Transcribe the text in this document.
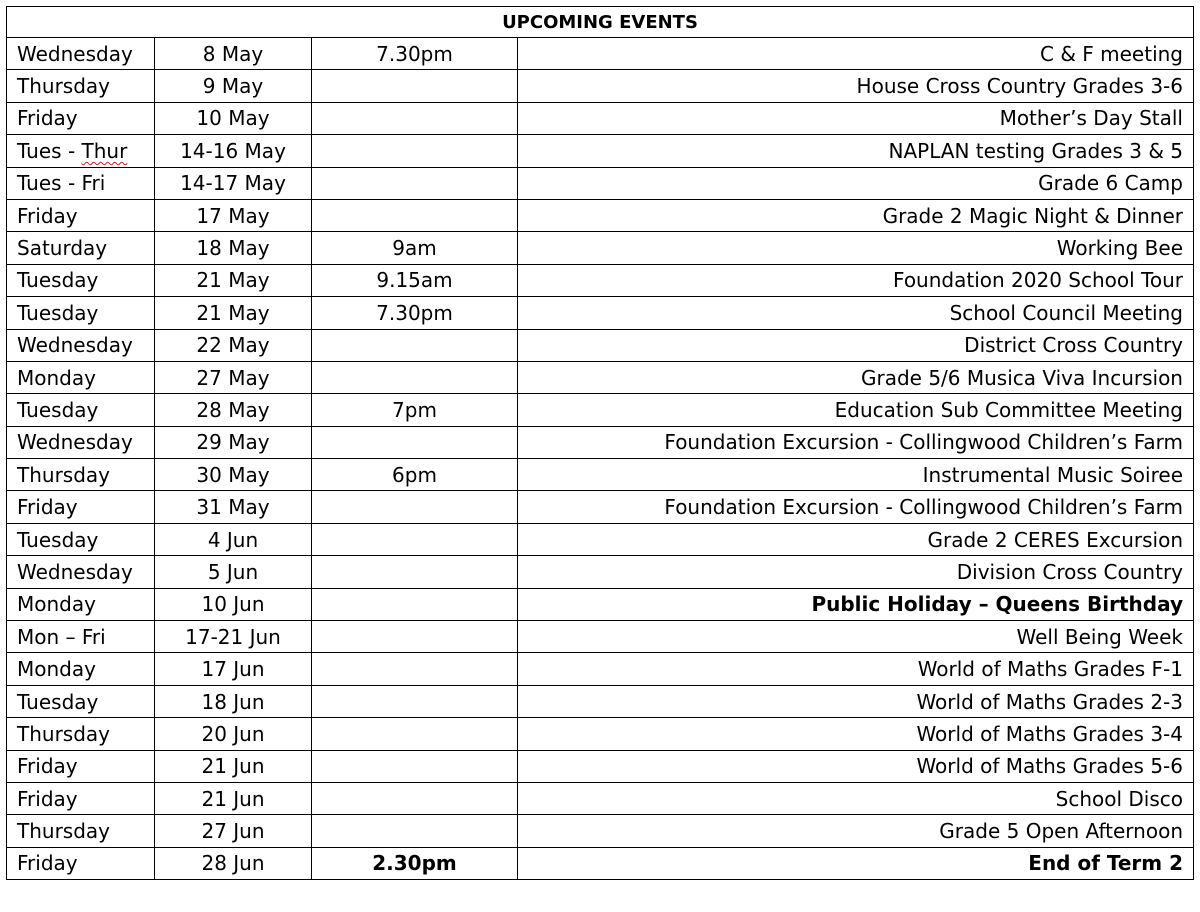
UPCOMING EVENTS			
Wednesday	8 May	7.30pm	C & F meeting
Thursday	9 May		House Cross Country Grades 3-6
Friday	10 May		Mother’s Day Stall
Tues - Thur	14-16 May		NAPLAN testing Grades 3 & 5
Tues - Fri	14-17 May		Grade 6 Camp
Friday	17 May		Grade 2 Magic Night & Dinner
Saturday	18 May	9am	Working Bee
Tuesday	21 May	9.15am	Foundation 2020 School Tour
Tuesday	21 May	7.30pm	School Council Meeting
Wednesday	22 May		District Cross Country
Monday	27 May		Grade 5/6 Musica Viva Incursion
Tuesday	28 May	7pm	Education Sub Committee Meeting
Wednesday	29 May		Foundation Excursion - Collingwood Children’s Farm
Thursday	30 May	6pm	Instrumental Music Soiree
Friday	31 May		Foundation Excursion - Collingwood Children’s Farm
Tuesday	4 Jun		Grade 2 CERES Excursion
Wednesday	5 Jun		Division Cross Country
Monday	10 Jun		Public Holiday – Queens Birthday
Mon – Fri	17-21 Jun		Well Being Week
Monday	17 Jun		World of Maths Grades F-1
Tuesday	18 Jun		World of Maths Grades 2-3
Thursday	20 Jun		World of Maths Grades 3-4
Friday	21 Jun		World of Maths Grades 5-6
Friday	21 Jun		School Disco
Thursday	27 Jun		Grade 5 Open Afternoon
Friday	28 Jun	2.30pm	End of Term 2
